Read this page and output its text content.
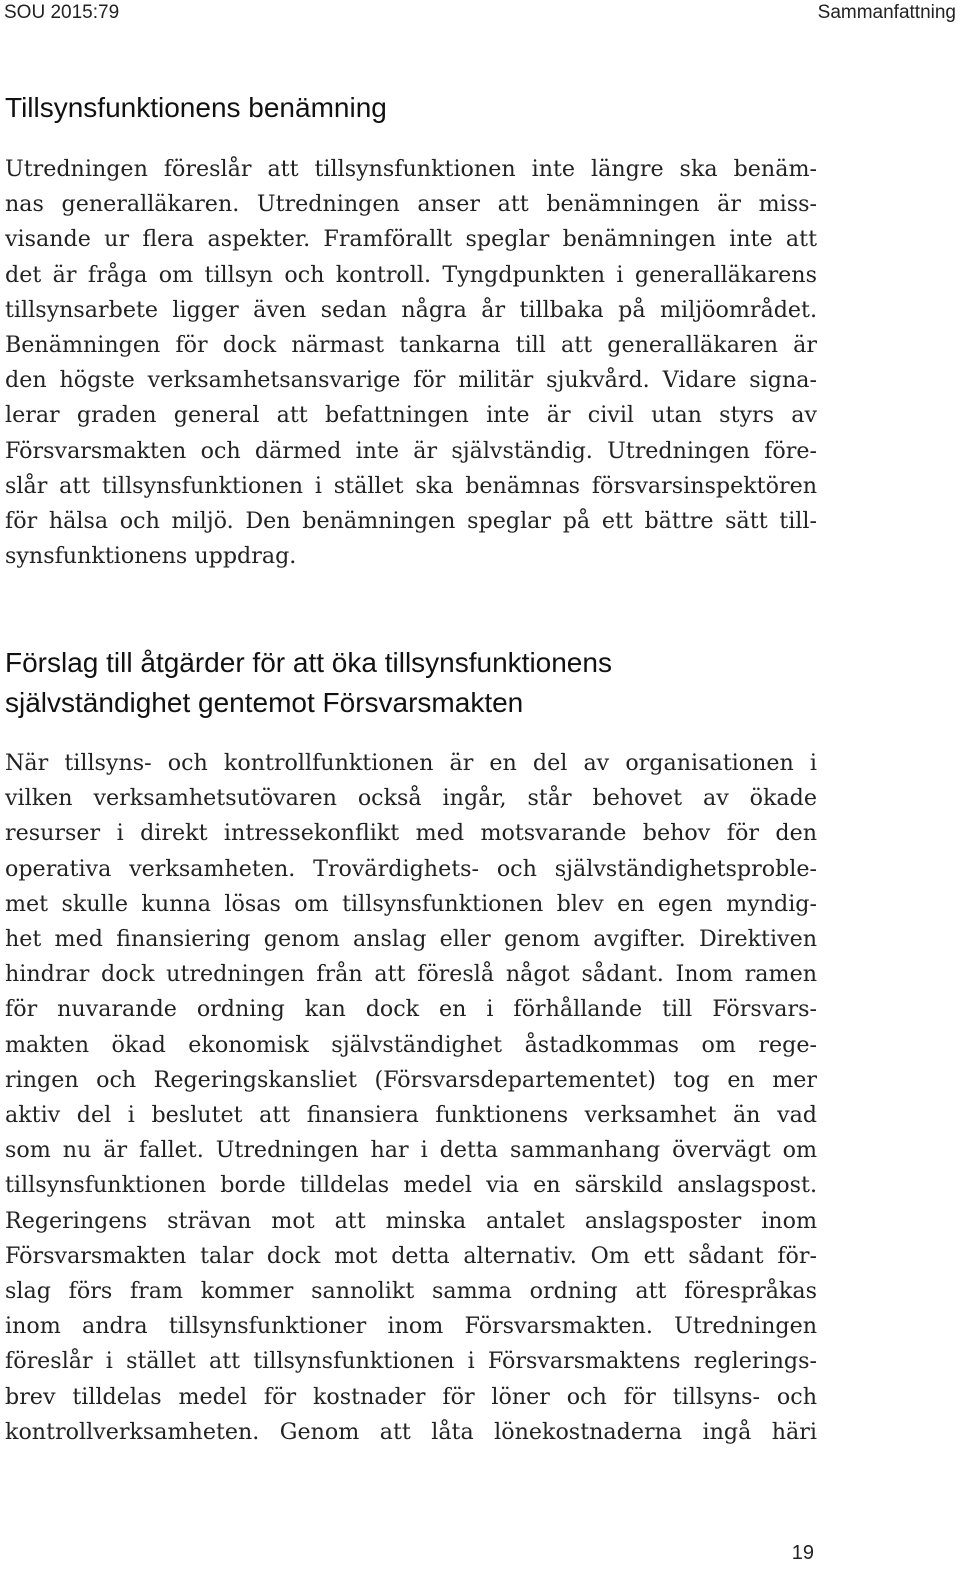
SOU 2015:79	Sammanfattning
Tillsynsfunktionens benämning
Utredningen föreslår att tillsynsfunktionen inte längre ska benäm-
nas generalläkaren. Utredningen anser att benämningen är miss-
visande ur flera aspekter. Framförallt speglar benämningen inte att
det är fråga om tillsyn och kontroll. Tyngdpunkten i generalläkarens
tillsynsarbete ligger även sedan några år tillbaka på miljöområdet.
Benämningen för dock närmast tankarna till att generalläkaren är
den högste verksamhetsansvarige för militär sjukvård. Vidare signa-
lerar graden general att befattningen inte är civil utan styrs av
Försvarsmakten och därmed inte är självständig. Utredningen före-
slår att tillsynsfunktionen i stället ska benämnas försvarsinspektören
för hälsa och miljö. Den benämningen speglar på ett bättre sätt till-
synsfunktionens uppdrag.
Förslag till åtgärder för att öka tillsynsfunktionens
självständighet gentemot Försvarsmakten
När tillsyns- och kontrollfunktionen är en del av organisationen i
vilken verksamhetsutövaren också ingår, står behovet av ökade
resurser i direkt intressekonflikt med motsvarande behov för den
operativa verksamheten. Trovärdighets- och självständighetsproble-
met skulle kunna lösas om tillsynsfunktionen blev en egen myndig-
het med finansiering genom anslag eller genom avgifter. Direktiven
hindrar dock utredningen från att föreslå något sådant. Inom ramen
för nuvarande ordning kan dock en i förhållande till Försvars-
makten ökad ekonomisk självständighet åstadkommas om rege-
ringen och Regeringskansliet (Försvarsdepartementet) tog en mer
aktiv del i beslutet att finansiera funktionens verksamhet än vad
som nu är fallet. Utredningen har i detta sammanhang övervägt om
tillsynsfunktionen borde tilldelas medel via en särskild anslagspost.
Regeringens strävan mot att minska antalet anslagsposter inom
Försvarsmakten talar dock mot detta alternativ. Om ett sådant för-
slag förs fram kommer sannolikt samma ordning att förespråkas
inom andra tillsynsfunktioner inom Försvarsmakten. Utredningen
föreslår i stället att tillsynsfunktionen i Försvarsmaktens reglerings-
brev tilldelas medel för kostnader för löner och för tillsyns- och
kontrollverksamheten. Genom att låta lönekostnaderna ingå häri
19
